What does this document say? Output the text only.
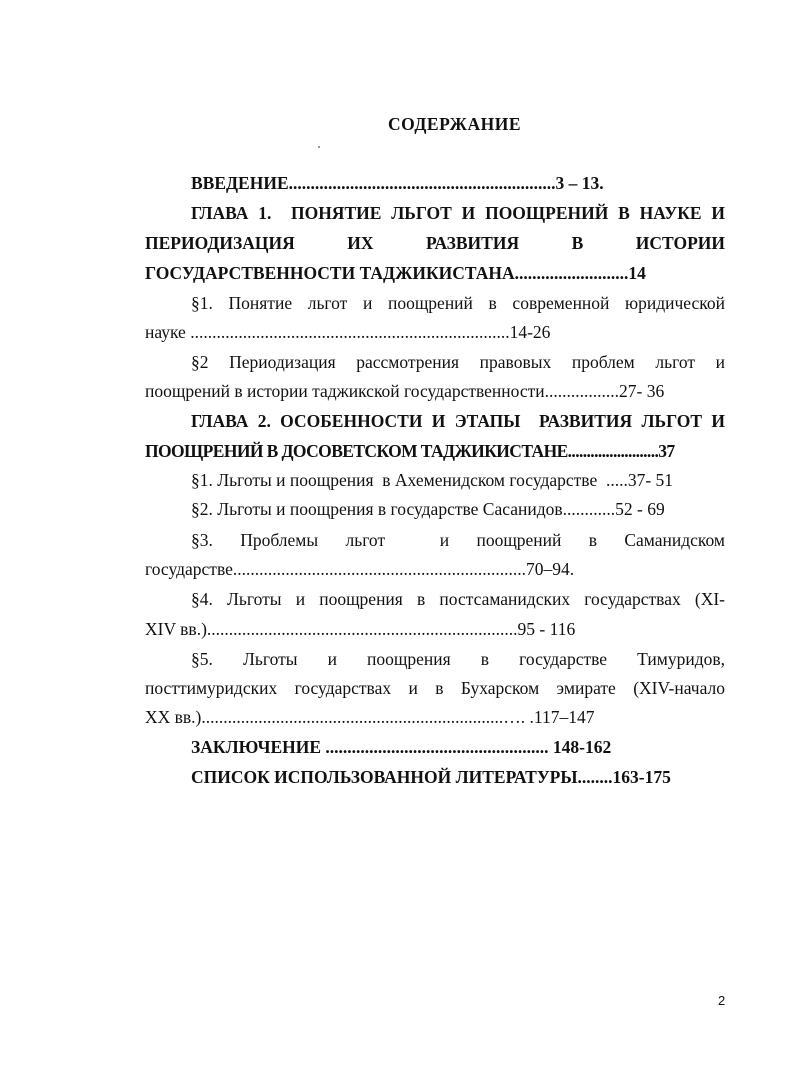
СОДЕРЖАНИЕ
ВВЕДЕНИЕ.............................................................3 – 13.
ГЛАВА 1.  ПОНЯТИЕ ЛЬГОТ И ПООЩРЕНИЙ В НАУКЕ И
ПЕРИОДИЗАЦИЯ ИХ РАЗВИТИЯ В ИСТОРИИ
ГОСУДАРСТВЕННОСТИ ТАДЖИКИСТАНА..........................14
§1. Понятие льгот и поощрений в современной юридической
науке .........................................................................14-26
§2 Периодизация рассмотрения правовых проблем льгот и
поощрений в истории таджикской государственности.................27- 36
ГЛАВА 2. ОСОБЕННОСТИ И ЭТАПЫ  РАЗВИТИЯ ЛЬГОТ И
ПООЩРЕНИЙ В ДОСОВЕТСКОМ ТАДЖИКИСТАНЕ........................37
§1. Льготы и поощрения  в Ахеменидском государстве  .....37- 51
§2. Льготы и поощрения в государстве Сасанидов............52 - 69
§3. Проблемы льгот  и поощрений в Саманидском
государстве...................................................................70–94.
§4. Льготы и поощрения в постсаманидских государствах (XI-
XIV вв.).......................................................................95 - 116
§5. Льготы и поощрения в государстве Тимуридов,
посттимуридских государствах и в Бухарском эмирате (XIV-начало
XX вв.).....................................................................…. .117–147
ЗАКЛЮЧЕНИЕ ................................................... 148-162
СПИСОК ИСПОЛЬЗОВАННОЙ ЛИТЕРАТУРЫ........163-175
2
